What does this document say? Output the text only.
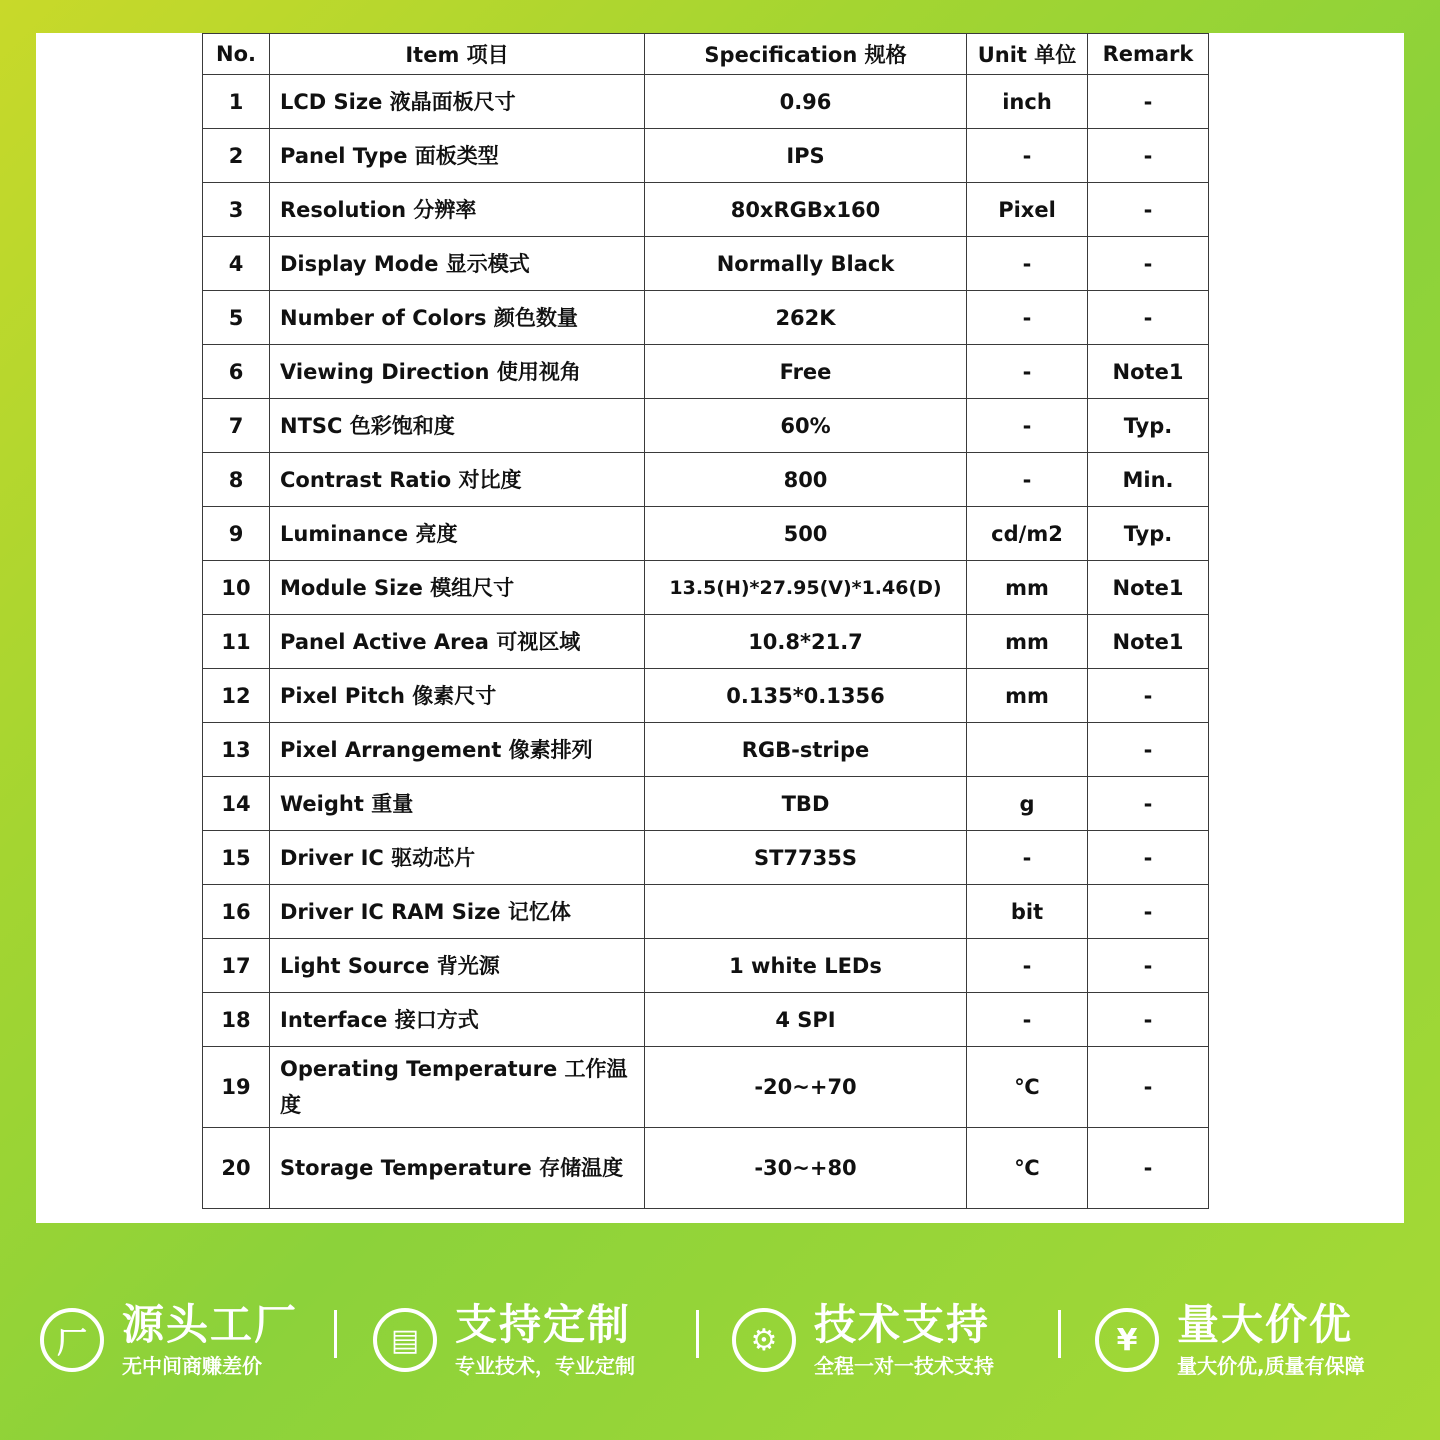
No.	Item 项目	Specification 规格	Unit 单位	Remark
1	LCD Size 液晶面板尺寸	0.96	inch	-
2	Panel Type 面板类型	IPS	-	-
3	Resolution 分辨率	80xRGBx160	Pixel	-
4	Display Mode 显示模式	Normally Black	-	-
5	Number of Colors 颜色数量	262K	-	-
6	Viewing Direction 使用视角	Free	-	Note1
7	NTSC 色彩饱和度	60%	-	Typ.
8	Contrast Ratio 对比度	800	-	Min.
9	Luminance 亮度	500	cd/m2	Typ.
10	Module Size 模组尺寸	13.5(H)*27.95(V)*1.46(D)	mm	Note1
11	Panel Active Area 可视区域	10.8*21.7	mm	Note1
12	Pixel Pitch 像素尺寸	0.135*0.1356	mm	-
13	Pixel Arrangement 像素排列	RGB-stripe		-
14	Weight 重量	TBD	g	-
15	Driver IC 驱动芯片	ST7735S	-	-
16	Driver IC RAM Size 记忆体		bit	-
17	Light Source 背光源	1 white LEDs	-	-
18	Interface 接口方式	4 SPI	-	-
19	Operating Temperature 工作温度	-20~+70	℃	-
20	Storage Temperature 存储温度	-30~+80	℃	-
厂 源头工厂
无中间商赚差价
▤ 支持定制
专业技术，专业定制
⚙ 技术支持
全程一对一技术支持
¥ 量大价优
量大价优,质量有保障
